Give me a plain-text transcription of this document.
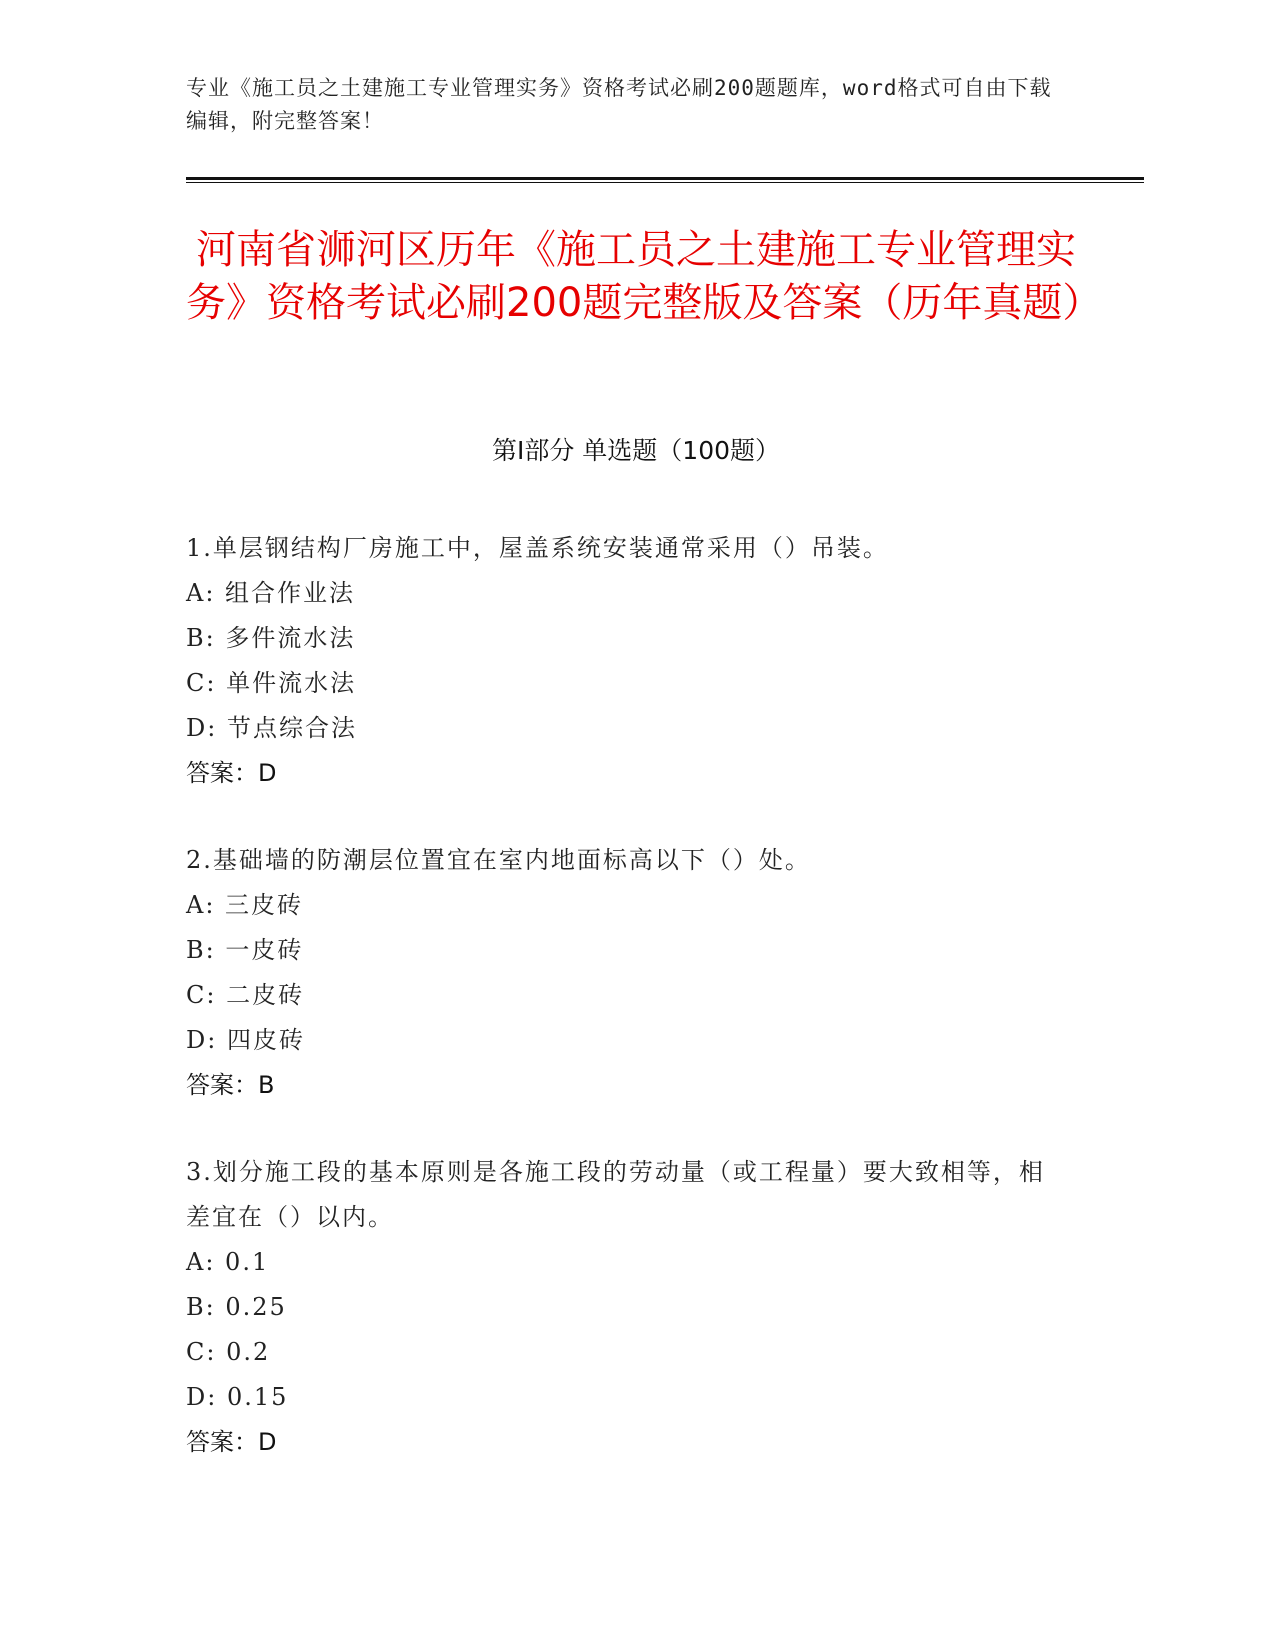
专业《施工员之土建施工专业管理实务》资格考试必刷200题题库，word格式可自由下载编辑，附完整答案！
河南省浉河区历年《施工员之土建施工专业管理实务》资格考试必刷200题完整版及答案（历年真题）
第I部分 单选题（100题）
1.单层钢结构厂房施工中，屋盖系统安装通常采用（）吊装。
A: 组合作业法
B: 多件流水法
C: 单件流水法
D: 节点综合法
答案：D
2.基础墙的防潮层位置宜在室内地面标高以下（）处。
A: 三皮砖
B: 一皮砖
C: 二皮砖
D: 四皮砖
答案：B
3.划分施工段的基本原则是各施工段的劳动量（或工程量）要大致相等，相差宜在（）以内。
A: 0.1
B: 0.25
C: 0.2
D: 0.15
答案：D
